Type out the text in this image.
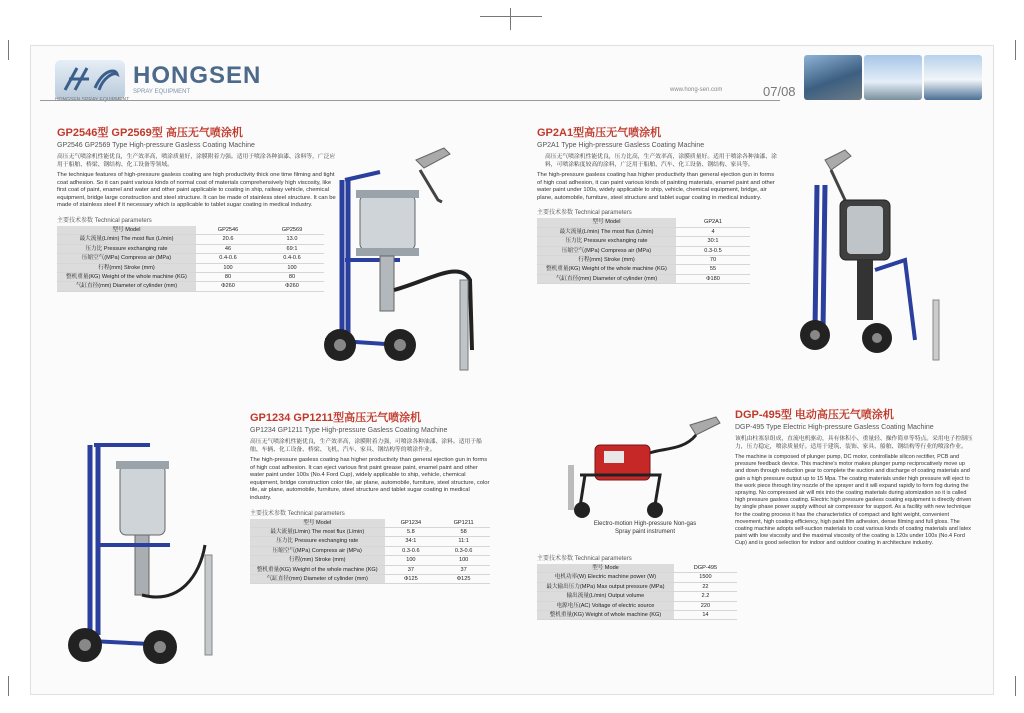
HONGSEN
SPRAY EQUIPMENT	www.hong-sen.com	07/08
GP2546型 GP2569型 高压无气喷涂机
GP2546 GP2569 Type High-pressure Gasless Coating Machine
高压无气喷涂机性能优良，生产效率高，喷涂质量好，涂膜附着力强。适用于喷涂各种油漆、涂料等，广泛应用于船舶、桥梁、钢结构、化工设备等领域。
The technique features of high-pressure gasless coating are high productivity thick one time filming and tight coat adhesion. So it can paint various kinds of normal coat of materials comprehensively high viscosity, like first coat of paint, enamel and water and other paint applicable to coating in ship, railway vehicle, chemical equipment, bridge large construction and steel structure. It can be made of stainless steel structure. It can be made of stainless steel if it necessary which is applicable to tablet sugar coating in medical industry.
主要技术参数 Technical parameters
型号 Model	GP2546	GP2569
最大流量(L/min) The most flux (L/min)	20.6	13.0
压力比 Pressure exchanging rate	46	69:1
压缩空气(MPa) Compress air (MPa)	0.4-0.6	0.4-0.6
行程(mm) Stroke (mm)	100	100
整机重量(KG) Weight of the whole machine (KG)	80	80
气缸直径(mm) Diameter of cylinder (mm)	Φ260	Φ260
GP2A1型高压无气喷涂机
GP2A1 Type High-pressure Gasless Coating Machine
高压无气喷涂机性能优良，压力比高，生产效率高，涂膜质量好。适用于喷涂各种油漆、涂料，可喷涂粘度较高的涂料，广泛用于船舶、汽车、化工设备、钢结构、家具等。
The high-pressure gasless coating has higher productivity than general ejection gun in forms of high coat adhesion, it can paint various kinds of painting materials, enamel paint and other water paint under 100s, widely applicable to ship, vehicle, chemical equipment, bridge, air plane, automobile, furniture, steel structure and tablet sugar coating in medical industry.
主要技术参数 Technical parameters
型号 Model	GP2A1
最大流量(L/min) The most flux (L/min)	4
压力比 Pressure exchanging rate	30:1
压缩空气(MPa) Compress air (MPa)	0.3-0.5
行程(mm) Stroke (mm)	70
整机重量(KG) Weight of the whole machine (KG)	55
气缸直径(mm) Diameter of cylinder (mm)	Φ180
GP1234 GP1211型高压无气喷涂机
GP1234 GP1211 Type High-pressure Gasless Coating Machine
高压无气喷涂机性能优良，生产效率高，涂膜附着力强，可喷涂各种油漆、涂料。适用于船舶、车辆、化工设备、桥梁、飞机、汽车、家具、钢结构等的喷涂作业。
The high-pressure gasless coating has higher productivity than general ejection gun in forms of high coat adhesion. It can eject various first paint grease paint, enamel paint and other water paint under 100s (No.4 Ford Cup), widely applicable to ship, vehicle, chemical equipment, bridge construction color tile, air plane, automobile, furniture, steel structure, color tile, air plane, automobile, furniture, steel structure and tablet sugar coating in medical industry.
主要技术参数 Technical parameters
型号 Model	GP1234	GP1211
最大流量(L/min) The most flux (L/min)	5.8	58
压力比 Pressure exchanging rate	34:1	11:1
压缩空气(MPa) Compress air (MPa)	0.3-0.6	0.3-0.6
行程(mm) Stroke (mm)	100	100
整机重量(KG) Weight of the whole machine (KG)	37	37
气缸直径(mm) Diameter of cylinder (mm)	Φ125	Φ125
Electro-motion High-pressure Non-gas Spray paint instrument
DGP-495型 电动高压无气喷涂机
DGP-495 Type Electric High-pressure Gasless Coating Machine
该机由柱塞泵组成，直流电机驱动，具有体积小、重量轻、操作简单等特点。采用电子控制压力，压力稳定，喷涂质量好。适用于建筑、装饰、家具、船舶、钢结构等行业的喷涂作业。
The machine is composed of plunger pump, DC motor, controllable silicon rectifier, PCB and pressure feedback device. This machine's motor makes plunger pump reciprocatively move up and down through reduction gear to complete the suction and discharge of coating materials and gain a high pressure output up to 15 Mpa. The coating materials under high pressure will eject to the work piece through tiny nozzle of the sprayer and it will expand rapidly to form fog during the spraying. No compressed air will mix into the coating materials during atomization so it is called high pressure gasless coating. Electric high pressure gasless coating equipment is directly driven by single phase power supply without air compressor for support. As a facility with new technique for the coating process it has the characteristics of compact and light weight, convenient movement, high coating efficiency, high paint film adhesion, dense filming and full gloss. The coating machine adopts self-suction materials to coat various kinds of coating materials and latex paint with low viscosity and the maximal viscosity of the coating is 120s under 100s (No.4 Ford Cup) and is good selection for indoor and outdoor coating in architecture industry.
主要技术参数 Technical parameters
型号 Mode	DGP-495
电机功率(W) Electric machine power (W)	1500
最大输出压力(MPa) Max output pressure (MPa)	22
输出流量(L/min) Output volume	2.2
电源电压(AC) Voltage of electric source	220
整机重量(KG) Weight of whole machine (KG)	14
